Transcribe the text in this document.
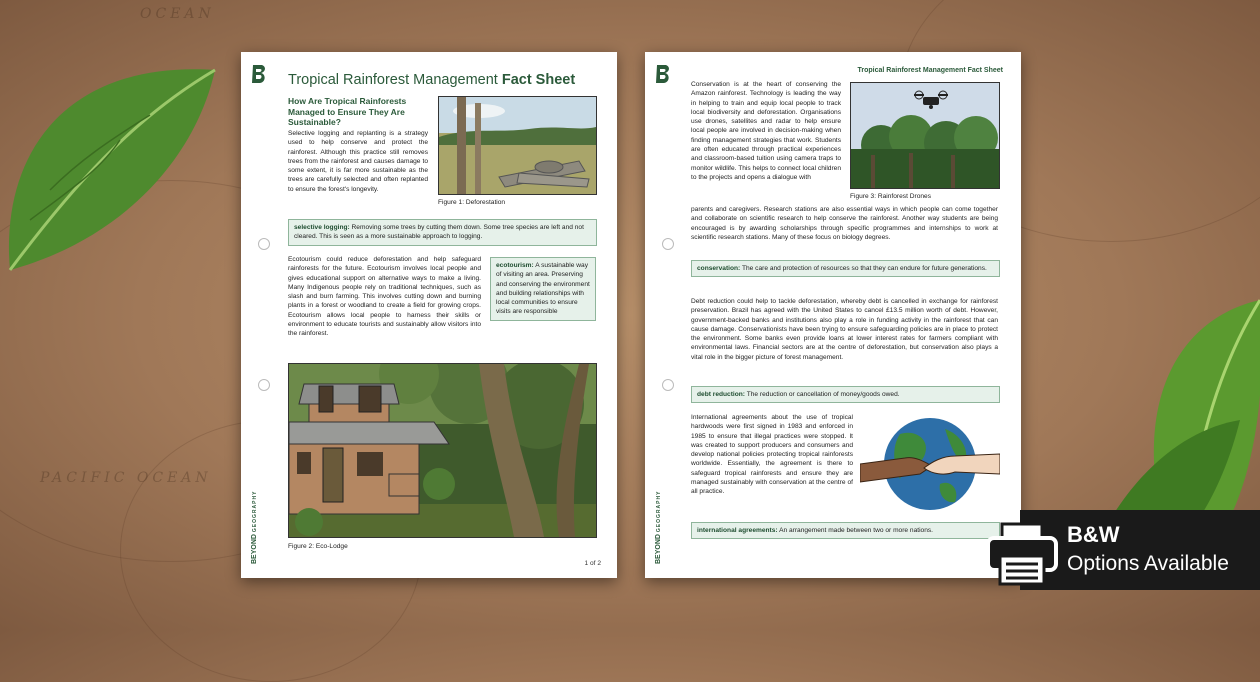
OCEAN
PACIFIC OCEAN
BEYOND GEOGRAPHY
Tropical Rainforest Management Fact Sheet
How Are Tropical Rainforests Managed to Ensure They Are Sustainable?
Selective logging and replanting is a strategy used to help conserve and protect the rainforest. Although this practice still removes trees from the rainforest and causes damage to some extent, it is far more sustainable as the trees are carefully selected and often replanted to ensure the forest's longevity.
Figure 1: Deforestation
selective logging: Removing some trees by cutting them down. Some tree species are left and not cleared. This is seen as a more sustainable approach to logging.
Ecotourism could reduce deforestation and help safeguard rainforests for the future. Ecotourism involves local people and gives educational support on alternative ways to make a living. Many Indigenous people rely on traditional techniques, such as slash and burn farming. This involves cutting down and burning plants in a forest or woodland to create a field for growing crops. Ecotourism allows local people to harness their skills or environment to educate tourists and sustainably allow visitors into the rainforest.
ecotourism: A sustainable way of visiting an area. Preserving and conserving the environment and building relationships with local communities to ensure visits are responsible
Figure 2: Eco-Lodge
1 of 2	BEYOND GEOGRAPHY
Tropical Rainforest Management Fact Sheet
Conservation is at the heart of conserving the Amazon rainforest. Technology is leading the way in helping to train and equip local people to track local biodiversity and deforestation. Organisations use drones, satellites and radar to help ensure local people are involved in decision-making when finding management strategies that work. Students are often educated through practical experiences and classroom-based tuition using camera traps to monitor wildlife. This helps to connect local children to the projects and opens a dialogue with
Figure 3: Rainforest Drones
parents and caregivers. Research stations are also essential ways in which people can come together and collaborate on scientific research to help conserve the rainforest. Another way students are being encouraged is by awarding scholarships through specific programmes and internships to work at scientific research stations. Many of these focus on biology degrees.
conservation: The care and protection of resources so that they can endure for future generations.
Debt reduction could help to tackle deforestation, whereby debt is cancelled in exchange for rainforest preservation. Brazil has agreed with the United States to cancel £13.5 million worth of debt. However, government-backed banks and institutions also play a role in funding activity in the rainforest that can cause damage. Conservationists have been trying to ensure safeguarding policies are in place to protect the environment. Some banks even provide loans at lower interest rates for farmers compliant with environmental laws. Financial sectors are at the centre of deforestation, but conservation also plays a vital role in the bigger picture of forest management.
debt reduction: The reduction or cancellation of money/goods owed.
International agreements about the use of tropical hardwoods were first signed in 1983 and enforced in 1985 to ensure that illegal practices were stopped. It was created to support producers and consumers and develop national policies protecting tropical rainforests worldwide. Essentially, the agreement is there to safeguard tropical rainforests and ensure they are managed sustainably with conservation at the centre of all practice.
international agreements: An arrangement made between two or more nations.	B&W
Options Available
